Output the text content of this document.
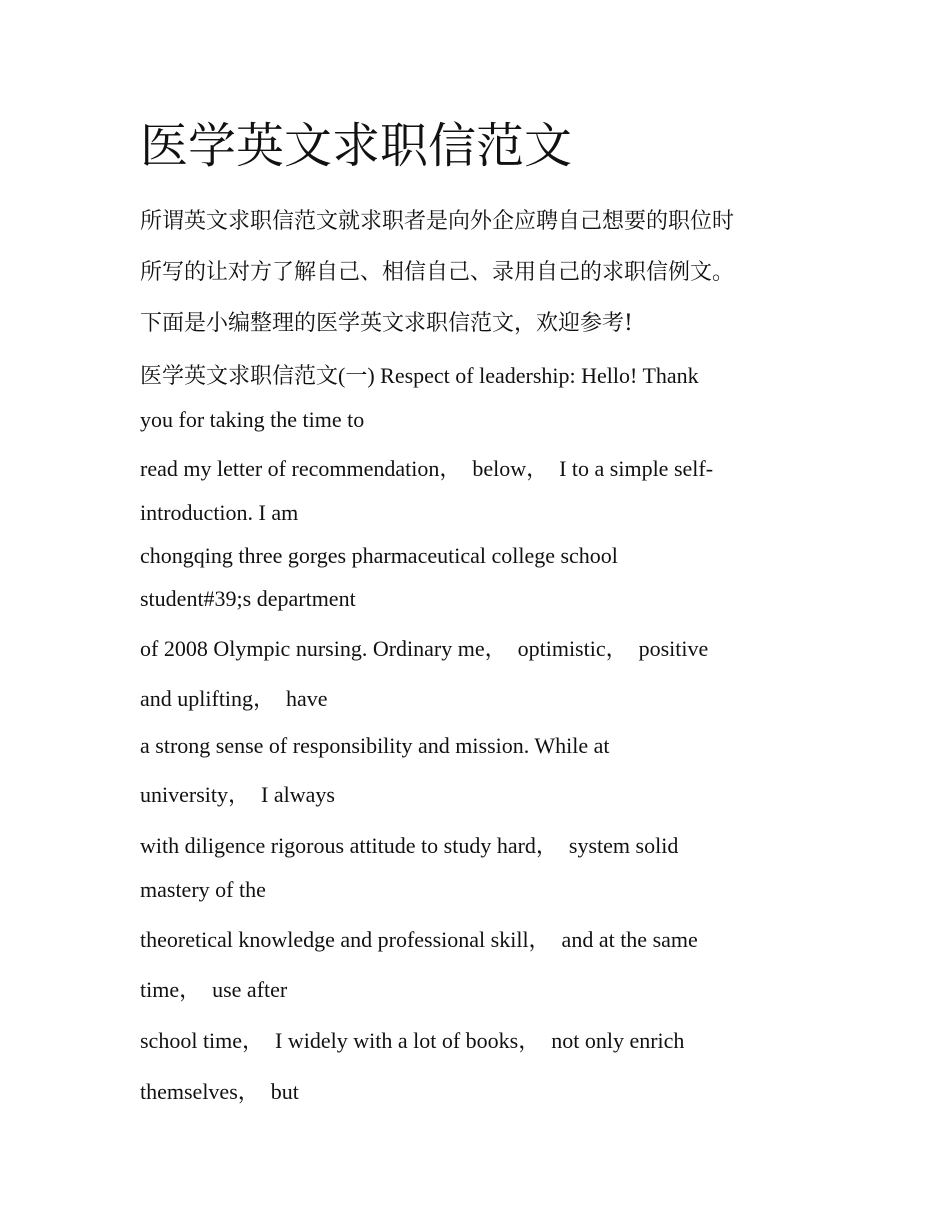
医学英文求职信范文
所谓英文求职信范文就求职者是向外企应聘自己想要的职位时
所写的让对方了解自己、相信自己、录用自己的求职信例文。
下面是小编整理的医学英文求职信范文，欢迎参考!
医学英文求职信范文(一) Respect of leadership: Hello! Thank
you for taking the time to
read my letter of recommendation，  below，  I to a simple self-
introduction. I am
chongqing three gorges pharmaceutical college school
student#39;s department
of 2008 Olympic nursing. Ordinary me，  optimistic，  positive
and uplifting，  have
a strong sense of responsibility and mission. While at
university，  I always
with diligence rigorous attitude to study hard，  system solid
mastery of the
theoretical knowledge and professional skill，  and at the same
time，  use after
school time，  I widely with a lot of books，  not only enrich
themselves，  but
